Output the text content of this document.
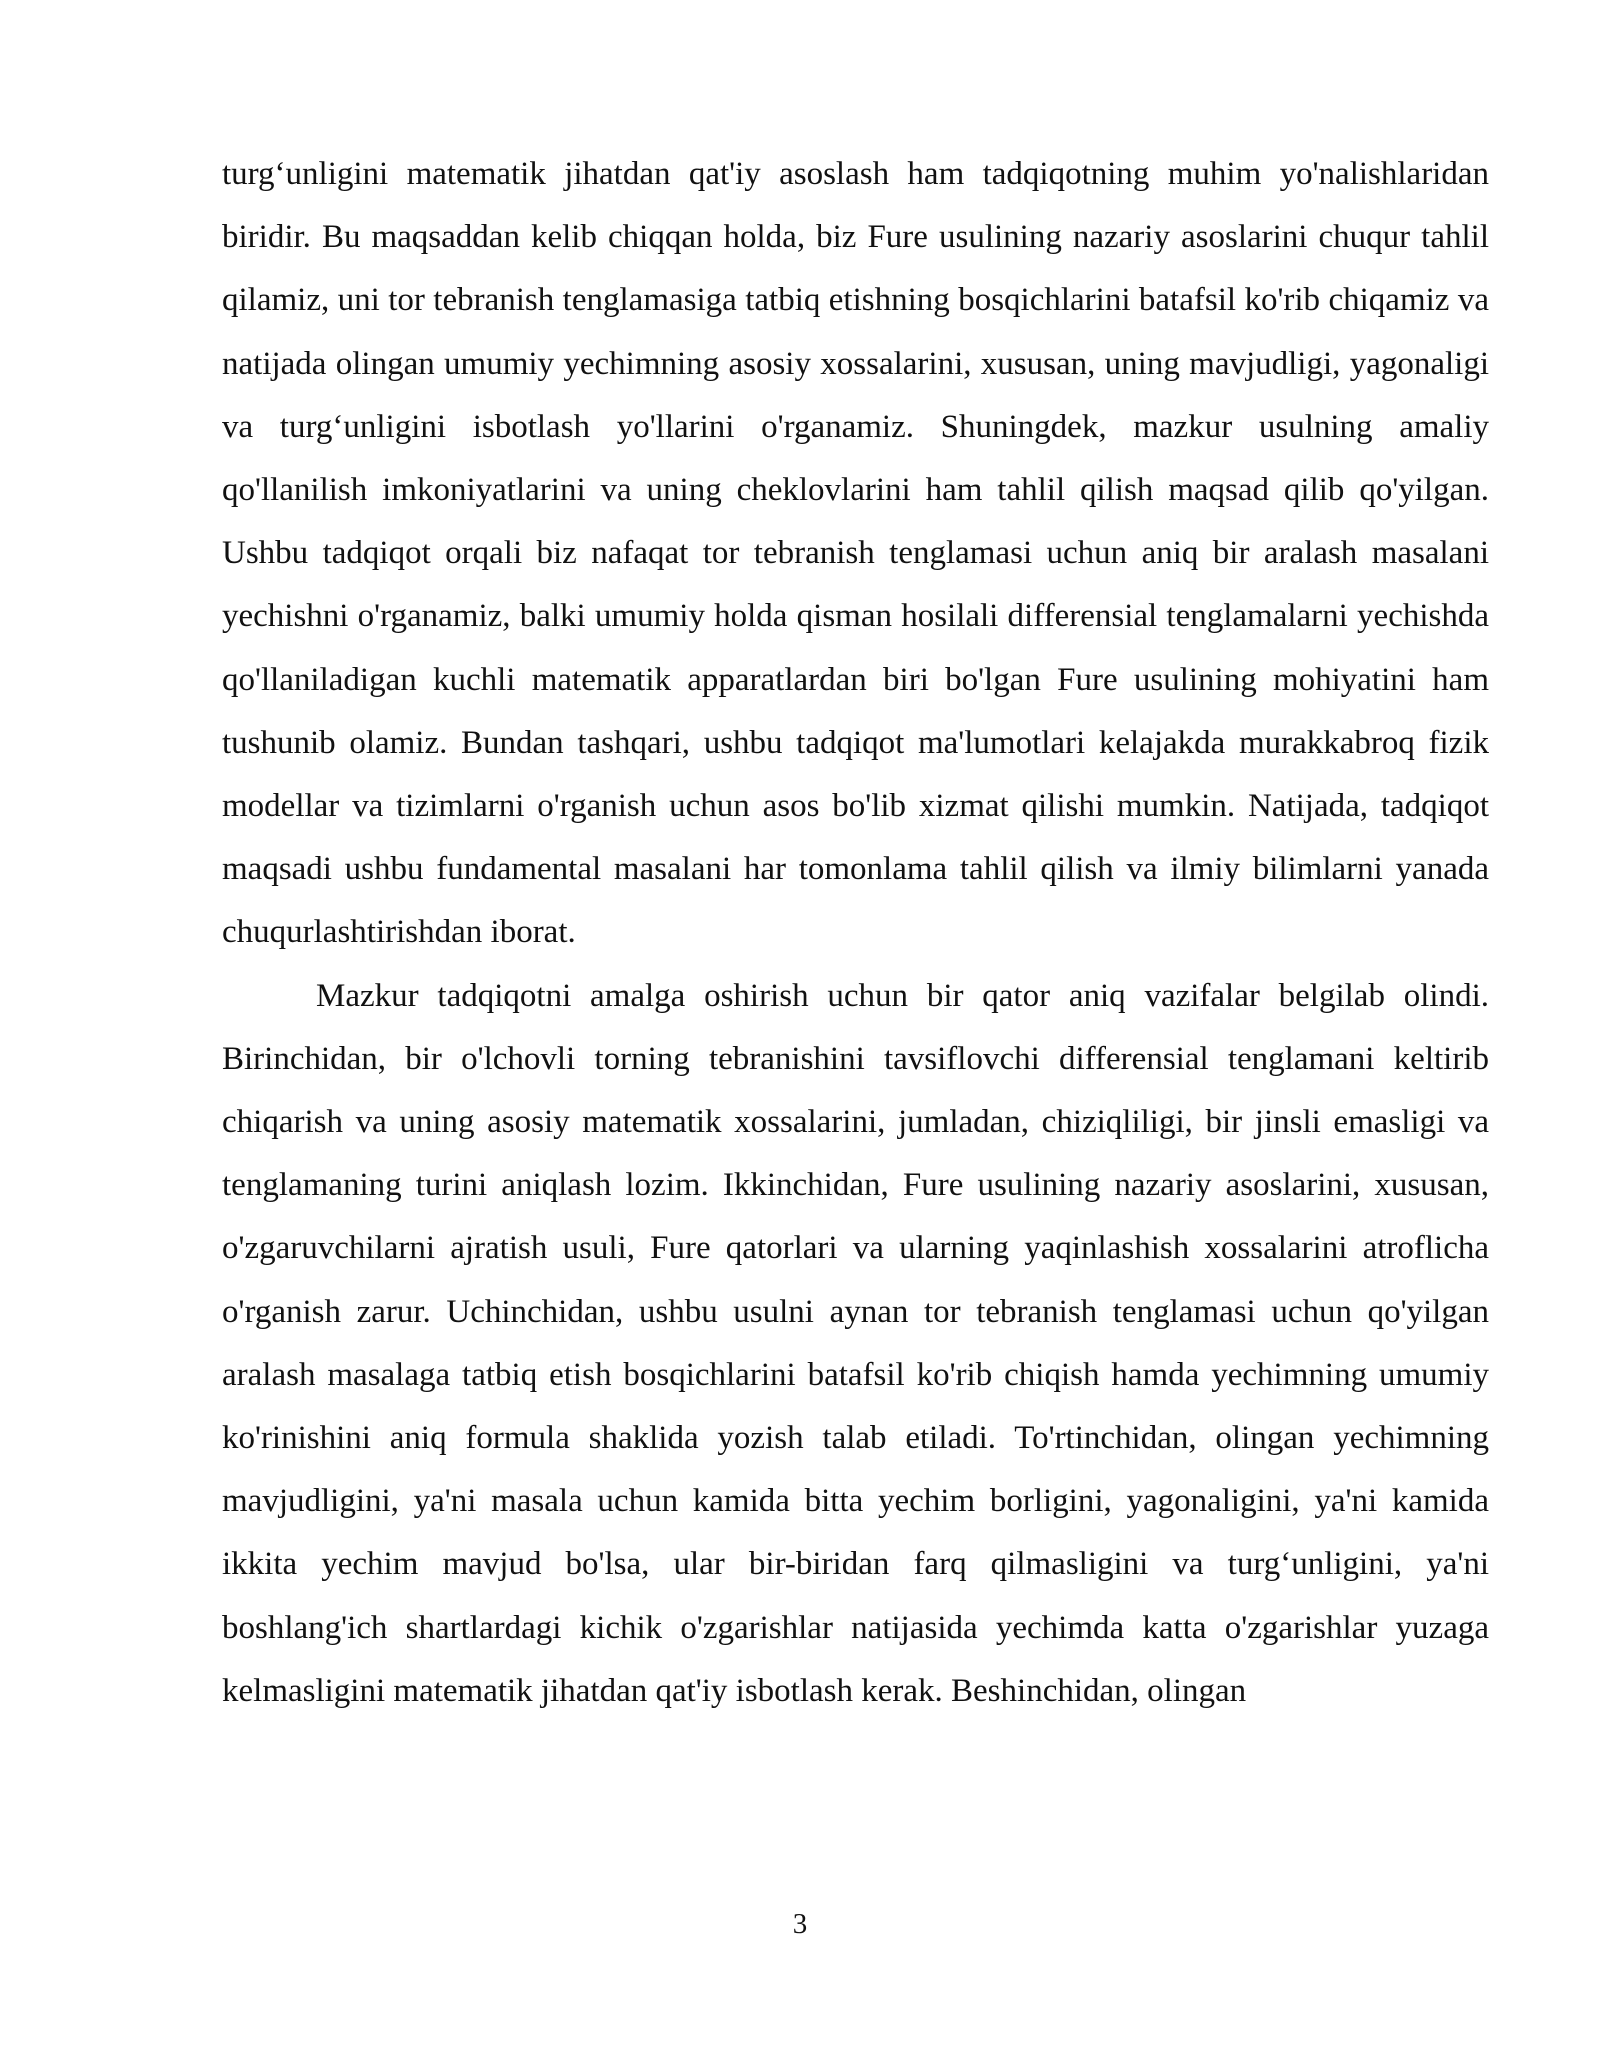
turg‘unligini matematik jihatdan qat'iy asoslash ham tadqiqotning muhim yo'nalishlaridan biridir. Bu maqsaddan kelib chiqqan holda, biz Fure usulining nazariy asoslarini chuqur tahlil qilamiz, uni tor tebranish tenglamasiga tatbiq etishning bosqichlarini batafsil ko'rib chiqamiz va natijada olingan umumiy yechimning asosiy xossalarini, xususan, uning mavjudligi, yagonaligi va turg‘unligini isbotlash yo'llarini o'rganamiz. Shuningdek, mazkur usulning amaliy qo'llanilish imkoniyatlarini va uning cheklovlarini ham tahlil qilish maqsad qilib qo'yilgan. Ushbu tadqiqot orqali biz nafaqat tor tebranish tenglamasi uchun aniq bir aralash masalani yechishni o'rganamiz, balki umumiy holda qisman hosilali differensial tenglamalarni yechishda qo'llaniladigan kuchli matematik apparatlardan biri bo'lgan Fure usulining mohiyatini ham tushunib olamiz. Bundan tashqari, ushbu tadqiqot ma'lumotlari kelajakda murakkabroq fizik modellar va tizimlarni o'rganish uchun asos bo'lib xizmat qilishi mumkin. Natijada, tadqiqot maqsadi ushbu fundamental masalani har tomonlama tahlil qilish va ilmiy bilimlarni yanada chuqurlashtirishdan iborat.

Mazkur tadqiqotni amalga oshirish uchun bir qator aniq vazifalar belgilab olindi. Birinchidan, bir o'lchovli torning tebranishini tavsiflovchi differensial tenglamani keltirib chiqarish va uning asosiy matematik xossalarini, jumladan, chiziqliligi, bir jinsli emasligi va tenglamaning turini aniqlash lozim. Ikkinchidan, Fure usulining nazariy asoslarini, xususan, o'zgaruvchilarni ajratish usuli, Fure qatorlari va ularning yaqinlashish xossalarini atroflicha o'rganish zarur. Uchinchidan, ushbu usulni aynan tor tebranish tenglamasi uchun qo'yilgan aralash masalaga tatbiq etish bosqichlarini batafsil ko'rib chiqish hamda yechimning umumiy ko'rinishini aniq formula shaklida yozish talab etiladi. To'rtinchidan, olingan yechimning mavjudligini, ya'ni masala uchun kamida bitta yechim borligini, yagonaligini, ya'ni kamida ikkita yechim mavjud bo'lsa, ular bir-biridan farq qilmasligini va turg‘unligini, ya'ni boshlang'ich shartlardagi kichik o'zgarishlar natijasida yechimda katta o'zgarishlar yuzaga kelmasligini matematik jihatdan qat'iy isbotlash kerak. Beshinchidan, olingan

3
